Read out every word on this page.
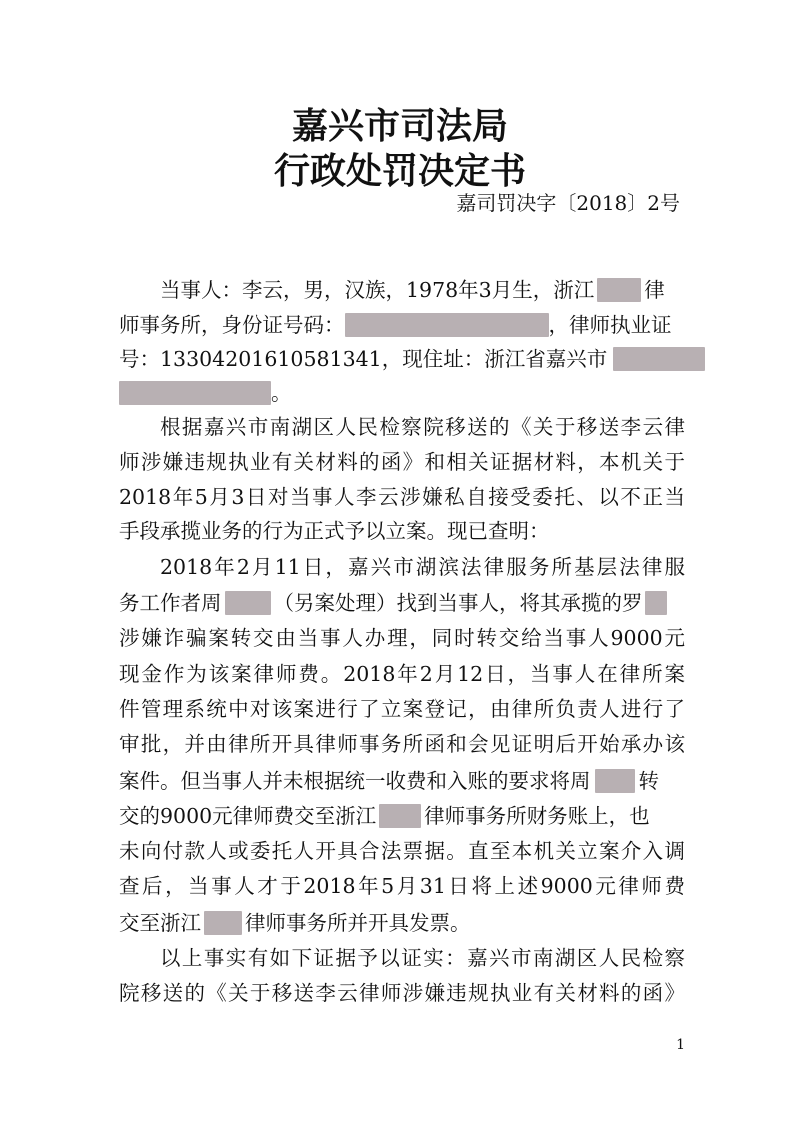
嘉兴市司法局
行政处罚决定书
嘉司罚决字〔2018〕2号
当事人：李云，男，汉族，1978年3月生，浙江 律
师事务所，身份证号码：	，律师执业证
号：13304201610581341，现住址：浙江省嘉兴市
。
根据嘉兴市南湖区人民检察院移送的《关于移送李云律
师涉嫌违规执业有关材料的函》和相关证据材料，本机关于
2018年5月3日对当事人李云涉嫌私自接受委托、以不正当
手段承揽业务的行为正式予以立案。现已查明：
2018年2月11日，嘉兴市湖滨法律服务所基层法律服
务工作者周	（另案处理）找到当事人，将其承揽的罗
涉嫌诈骗案转交由当事人办理，同时转交给当事人9000元
现金作为该案律师费。2018年2月12日，当事人在律所案
件管理系统中对该案进行了立案登记，由律所负责人进行了
审批，并由律所开具律师事务所函和会见证明后开始承办该
案件。但当事人并未根据统一收费和入账的要求将周 转
交的9000元律师费交至浙江 律师事务所财务账上，也
未向付款人或委托人开具合法票据。直至本机关立案介入调
查后，当事人才于2018年5月31日将上述9000元律师费
交至浙江 律师事务所并开具发票。
以上事实有如下证据予以证实：嘉兴市南湖区人民检察
院移送的《关于移送李云律师涉嫌违规执业有关材料的函》
1
